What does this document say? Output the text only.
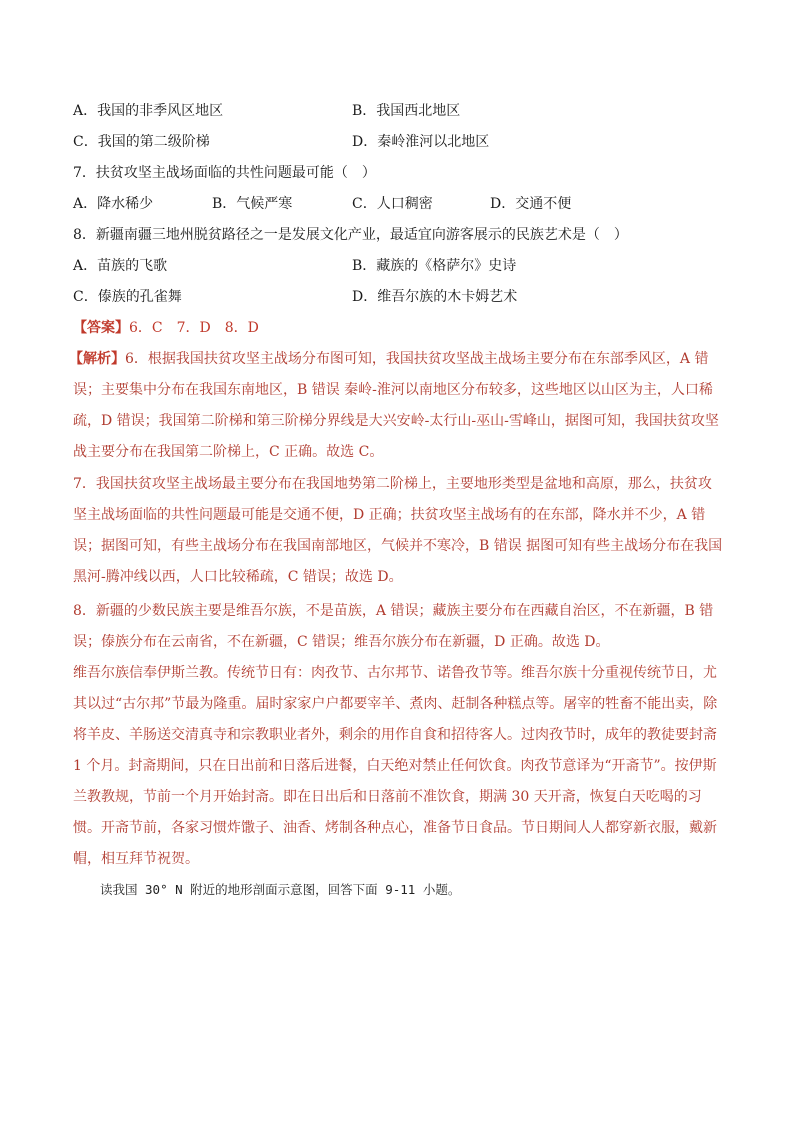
A．我国的非季风区地区	B．我国西北地区
C．我国的第二级阶梯	D．秦岭淮河以北地区
7．扶贫攻坚主战场面临的共性问题最可能（　）
A．降水稀少	B．气候严寒	C．人口稠密	D．交通不便
8．新疆南疆三地州脱贫路径之一是发展文化产业，最适宜向游客展示的民族艺术是（　）
A．苗族的飞歌	B．藏族的《格萨尔》史诗
C．傣族的孔雀舞	D．维吾尔族的木卡姆艺术
【答案】6．C　7．D　8．D
【解析】6．根据我国扶贫攻坚主战场分布图可知，我国扶贫攻坚战主战场主要分布在东部季风区，A 错误；主要集中分布在我国东南地区，B 错误 秦岭-淮河以南地区分布较多，这些地区以山区为主，人口稀疏，D 错误；我国第二阶梯和第三阶梯分界线是大兴安岭-太行山-巫山-雪峰山，据图可知，我国扶贫攻坚战主要分布在我国第二阶梯上，C 正确。故选 C。
7．我国扶贫攻坚主战场最主要分布在我国地势第二阶梯上，主要地形类型是盆地和高原，那么，扶贫攻坚主战场面临的共性问题最可能是交通不便，D 正确；扶贫攻坚主战场有的在东部，降水并不少，A 错误；据图可知，有些主战场分布在我国南部地区，气候并不寒冷，B 错误 据图可知有些主战场分布在我国黑河-腾冲线以西，人口比较稀疏，C 错误；故选 D。
8．新疆的少数民族主要是维吾尔族，不是苗族，A 错误；藏族主要分布在西藏自治区，不在新疆，B 错误；傣族分布在云南省，不在新疆，C 错误；维吾尔族分布在新疆，D 正确。故选 D。
维吾尔族信奉伊斯兰教。传统节日有：肉孜节、古尔邦节、诺鲁孜节等。维吾尔族十分重视传统节日，尤其以过“古尔邦”节最为隆重。届时家家户户都要宰羊、煮肉、赶制各种糕点等。屠宰的牲畜不能出卖，除将羊皮、羊肠送交清真寺和宗教职业者外，剩余的用作自食和招待客人。过肉孜节时，成年的教徒要封斋 1 个月。封斋期间，只在日出前和日落后进餐，白天绝对禁止任何饮食。肉孜节意译为“开斋节”。按伊斯兰教教规，节前一个月开始封斋。即在日出后和日落前不准饮食，期满 30 天开斋，恢复白天吃喝的习惯。开斋节前，各家习惯炸馓子、油香、烤制各种点心，准备节日食品。节日期间人人都穿新衣服，戴新帽，相互拜节祝贺。
读我国 30° N 附近的地形剖面示意图，回答下面 9-11 小题。
